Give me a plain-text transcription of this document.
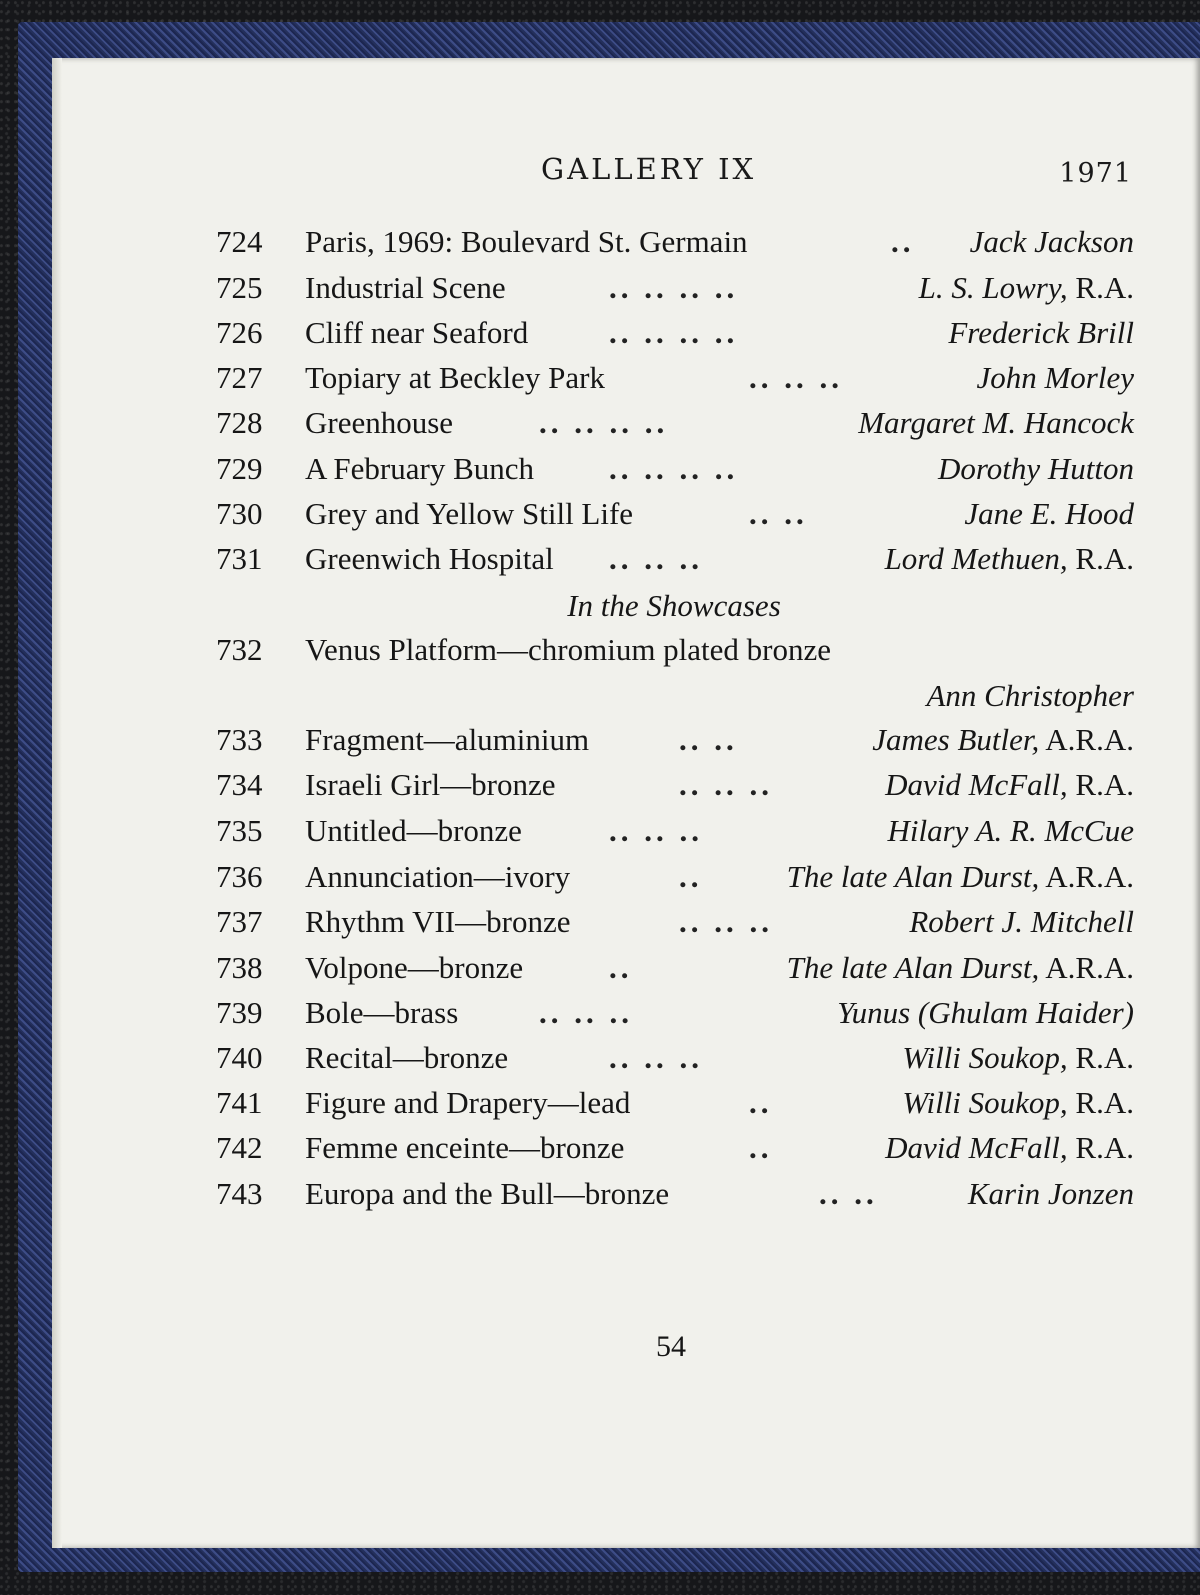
GALLERY IX	1971
724	Paris, 1969: Boulevard St. Germain	.. Jack Jackson
725	Industrial Scene	.. .. .. ..	L. S. Lowry, R.A.
726	Cliff near Seaford	.. .. .. ..	Frederick Brill
727	Topiary at Beckley Park	.. .. ..	John Morley
728	Greenhouse	.. .. .. ..	Margaret M. Hancock
729	A February Bunch .. .. .. ..	Dorothy Hutton
730	Grey and Yellow Still Life	.. ..	Jane E. Hood
731	Greenwich Hospital .. .. ..	Lord Methuen, R.A.
732	Venus Platform—chromium plated bronze
Ann Christopher
733	Fragment—aluminium	.. ..	James Butler, A.R.A.
734	Israeli Girl—bronze	.. .. ..	David McFall, R.A.
735	Untitled—bronze	.. .. ..	Hilary A. R. McCue
736	Annunciation—ivory	..	The late Alan Durst, A.R.A.
737	Rhythm VII—bronze	.. .. ..	Robert J. Mitchell
738	Volpone—bronze	..	The late Alan Durst, A.R.A.
739	Bole—brass	.. .. ..	Yunus (Ghulam Haider)
740	Recital—bronze	.. .. ..	Willi Soukop, R.A.
741	Figure and Drapery—lead	..	Willi Soukop, R.A.
742	Femme enceinte—bronze	..	David McFall, R.A.
743	Europa and the Bull—bronze	.. ..	Karin Jonzen
In the Showcases
54
